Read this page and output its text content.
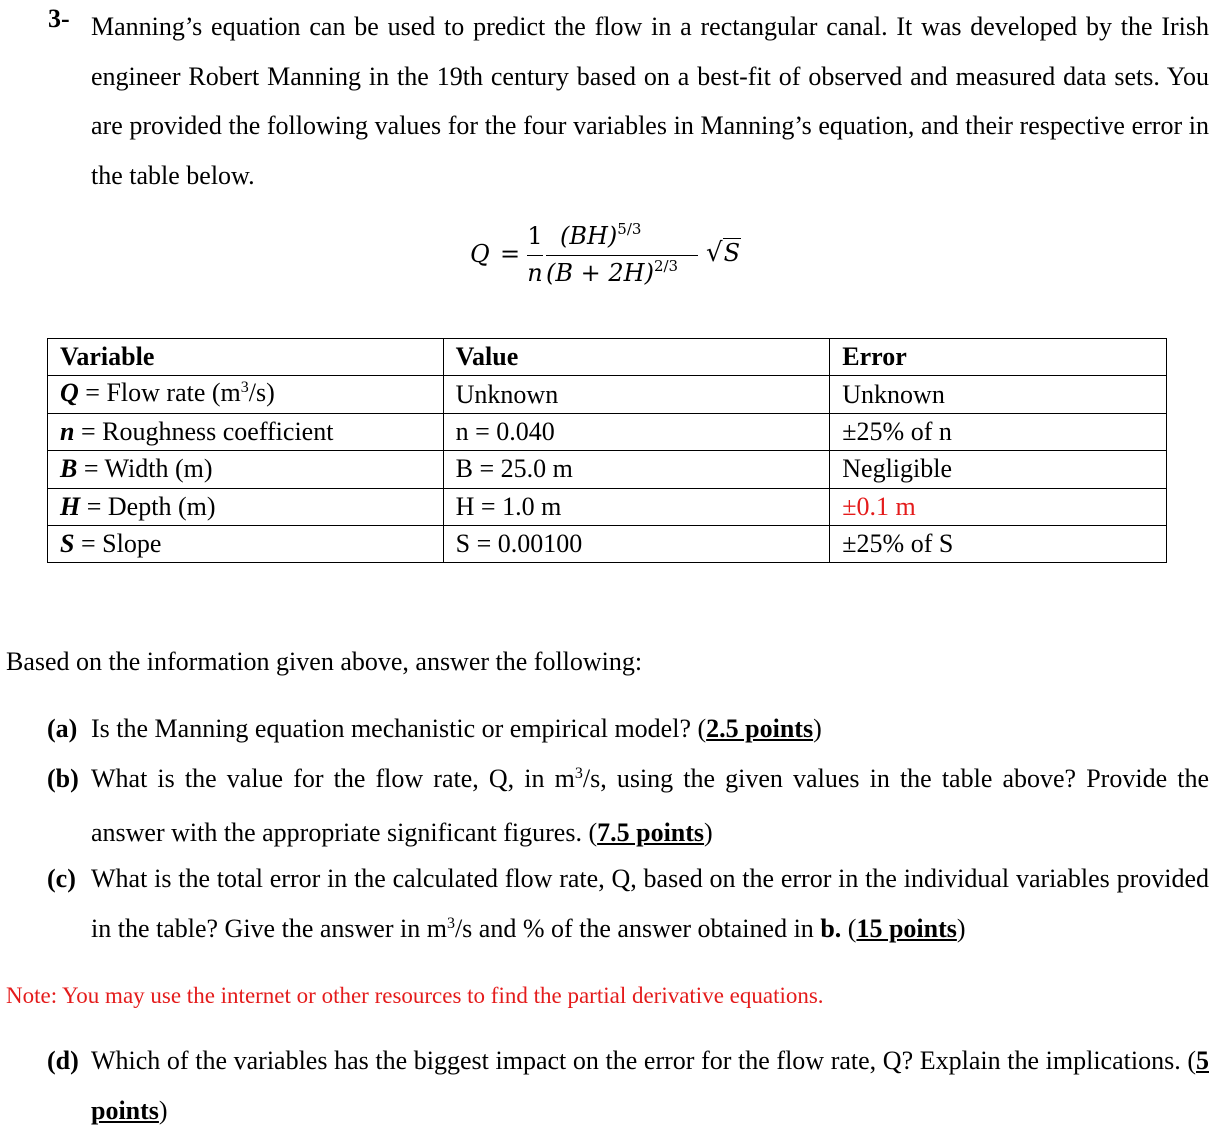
3- Manning’s equation can be used to predict the flow in a rectangular canal. It was developed by the Irish engineer Robert Manning in the 19th century based on a best-fit of observed and measured data sets. You are provided the following values for the four variables in Manning’s equation, and their respective error in the table below.
Q =
1
n
(BH)$^{5/3}$
$(B + 2H)^{2/3}$	√S
Variable	Value	Error
Q = Flow rate $(m^3/s)$	Unknown	Unknown
n = Roughness coefficient	n = 0.040	±25% of n
B = Width (m)	B = 25.0 m	Negligible
H = Depth (m)	H = 1.0 m	±0.1 m
S = Slope	S = 0.00100	±25% of S
Based on the information given above, answer the following:
(a) Is the Manning equation mechanistic or empirical model? (2.5 points)
(b) What is the value for the flow rate, Q, in $m^3/s$, using the given values in the table above? Provide the answer with the appropriate significant figures. (7.5 points)
(c) What is the total error in the calculated flow rate, Q, based on the error in the individual variables provided in the table? Give the answer in $m^3/s$ and % of the answer obtained in b. (15 points)
Note: You may use the internet or other resources to find the partial derivative equations.
(d) Which of the variables has the biggest impact on the error for the flow rate, Q? Explain the implications. (5 points)
